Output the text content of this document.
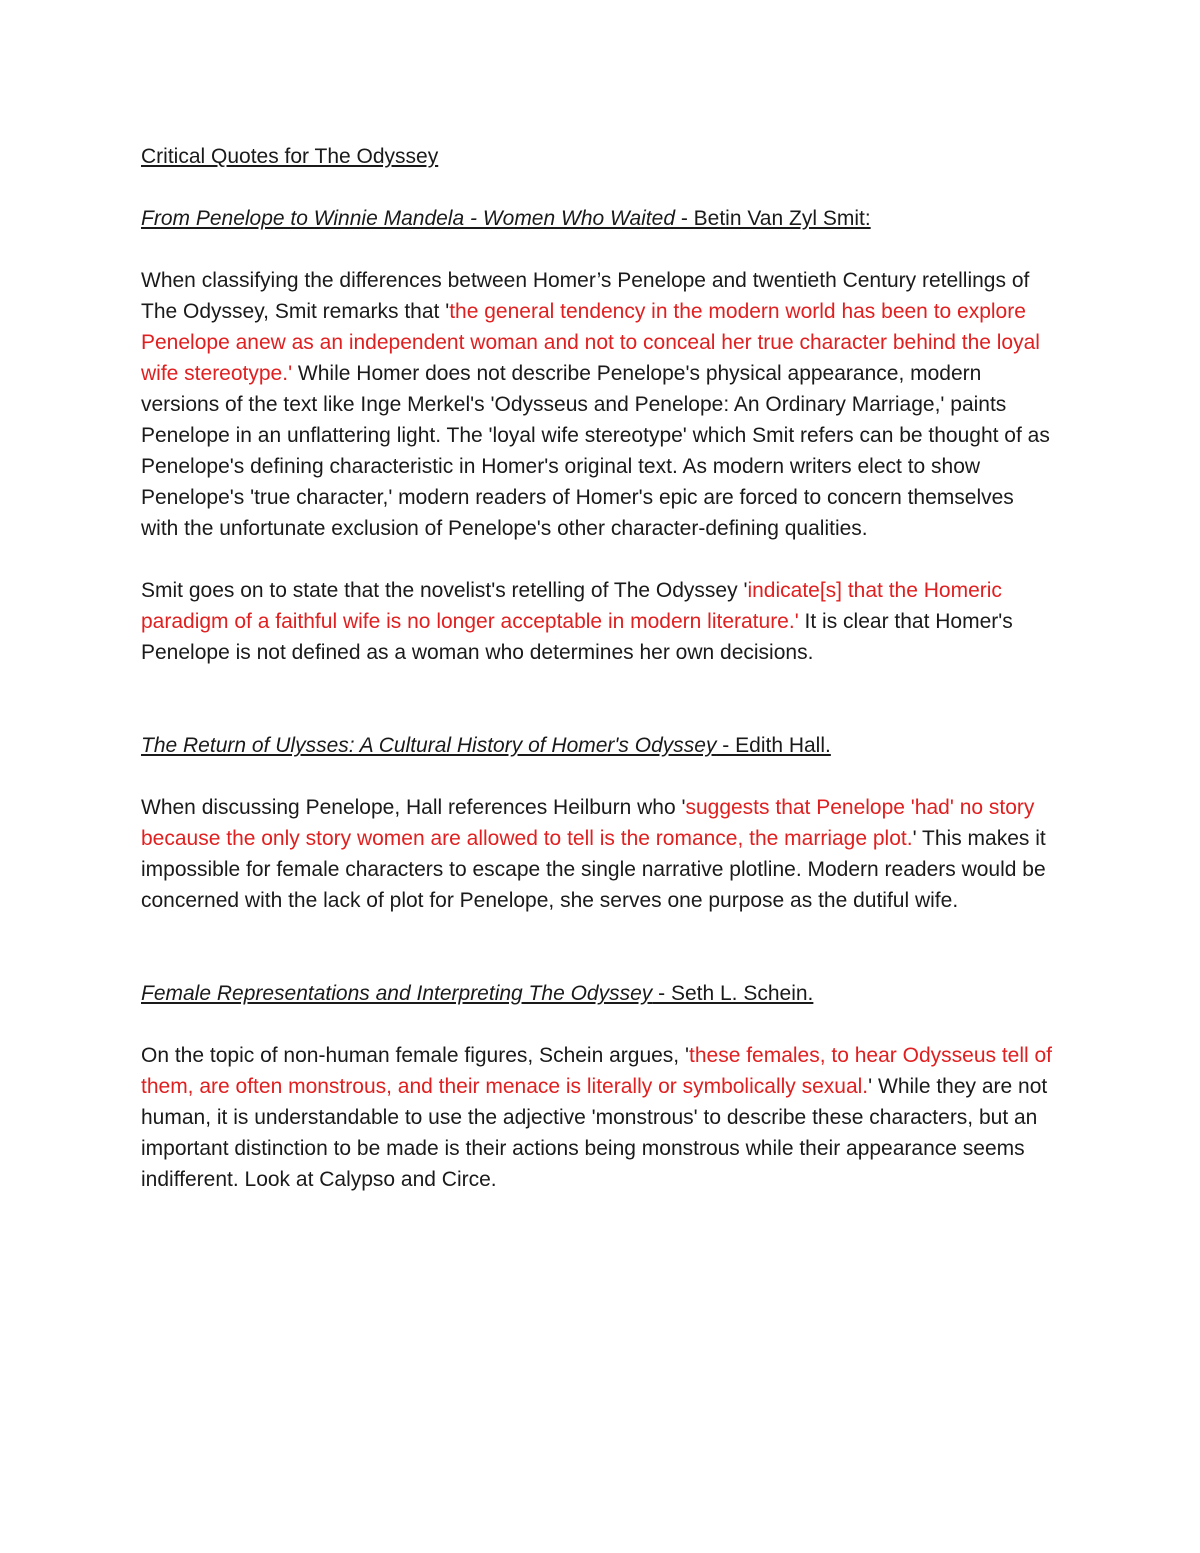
Critical Quotes for The Odyssey

From Penelope to Winnie Mandela - Women Who Waited - Betin Van Zyl Smit:

When classifying the differences between Homer’s Penelope and twentieth Century retellings of The Odyssey, Smit remarks that 'the general tendency in the modern world has been to explore Penelope anew as an independent woman and not to conceal her true character behind the loyal wife stereotype.' While Homer does not describe Penelope's physical appearance, modern versions of the text like Inge Merkel's 'Odysseus and Penelope: An Ordinary Marriage,' paints Penelope in an unflattering light. The 'loyal wife stereotype' which Smit refers can be thought of as Penelope's defining characteristic in Homer's original text. As modern writers elect to show Penelope's 'true character,' modern readers of Homer's epic are forced to concern themselves with the unfortunate exclusion of Penelope's other character-defining qualities.

Smit goes on to state that the novelist's retelling of The Odyssey 'indicate[s] that the Homeric paradigm of a faithful wife is no longer acceptable in modern literature.' It is clear that Homer's Penelope is not defined as a woman who determines her own decisions.

The Return of Ulysses: A Cultural History of Homer's Odyssey - Edith Hall.

When discussing Penelope, Hall references Heilburn who 'suggests that Penelope 'had' no story because the only story women are allowed to tell is the romance, the marriage plot.' This makes it impossible for female characters to escape the single narrative plotline. Modern readers would be concerned with the lack of plot for Penelope, she serves one purpose as the dutiful wife.

Female Representations and Interpreting The Odyssey - Seth L. Schein.

On the topic of non-human female figures, Schein argues, 'these females, to hear Odysseus tell of them, are often monstrous, and their menace is literally or symbolically sexual.' While they are not human, it is understandable to use the adjective 'monstrous' to describe these characters, but an important distinction to be made is their actions being monstrous while their appearance seems indifferent. Look at Calypso and Circe.
